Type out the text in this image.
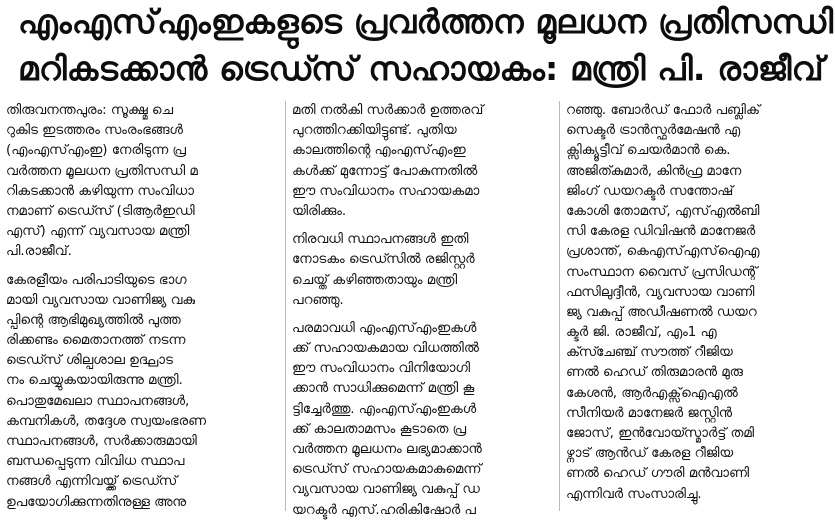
എംഎസ്എംഇകളുടെ പ്രവർത്തന മൂലധന പ്രതിസന്ധി
മറികടക്കാൻ ട്രെഡ്സ് സഹായകം: മന്ത്രി പി. രാജീവ്
തിരുവനന്തപുരം: സൂക്ഷ്മ ചെ
റുകിട ഇടത്തരം സംരംഭങ്ങൾ
(എംഎസ്എംഇ) നേരിടുന്ന പ്ര
വർത്തന മൂലധന പ്രതിസന്ധി മ
റികടക്കാൻ കഴിയുന്ന സംവിധാ
നമാണ് ട്രെഡ്സ് (ടിആർഇഡി
എസ്) എന്ന് വ്യവസായ മന്ത്രി
പി.രാജീവ്.
കേരളീയം പരിപാടിയുടെ ഭാഗ
മായി വ്യവസായ വാണിജ്യ വകു
പ്പിന്റെ ആഭിമുഖ്യത്തിൽ പുത്ത
രിക്കണ്ടം മൈതാനത്ത് നടന്ന
ട്രെഡ്സ് ശില്പശാല ഉദ്ഘാട
നം ചെയ്യുകയായിരുന്നു മന്ത്രി.
പൊതുമേഖലാ സ്ഥാപനങ്ങൾ,
കമ്പനികൾ, തദ്ദേശ സ്വയംഭരണ
സ്ഥാപനങ്ങൾ, സർക്കാരുമായി
ബന്ധപ്പെടുന്ന വിവിധ സ്ഥാപ
നങ്ങൾ എന്നിവയ്ക്ക് ട്രെഡ്സ്
ഉപയോഗിക്കുന്നതിനുള്ള അനു
മതി നൽകി സർക്കാർ ഉത്തരവ്
പുറത്തിറക്കിയിട്ടുണ്ട്. പുതിയ
കാലത്തിന്റെ എംഎസ്എംഇ
കൾക്ക് മുന്നോട്ട് പോകുന്നതിൽ
ഈ സംവിധാനം സഹായകമാ
യിരിക്കും.
നിരവധി സ്ഥാപനങ്ങൾ ഇതി
നോടകം ട്രെഡ്സിൽ രജിസ്റ്റർ
ചെയ്ത് കഴിഞ്ഞതായും മന്ത്രി
പറഞ്ഞു.
പരമാവധി എംഎസ്എംഇകൾ
ക്ക് സഹായകമായ വിധത്തിൽ
ഈ സംവിധാനം വിനിയോഗി
ക്കാൻ സാധിക്കുമെന്ന് മന്ത്രി കൂ
ട്ടിച്ചേർത്തു. എംഎസ്എംഇകൾ
ക്ക് കാലതാമസം കൂടാതെ പ്ര
വർത്തന മൂലധനം ലഭ്യമാക്കാൻ
ട്രെഡ്സ് സഹായകമാകുമെന്ന്
വ്യവസായ വാണിജ്യ വകുപ്പ് ഡ
യറക്ടർ എസ്.ഹരികിഷോർ പ
റഞ്ഞു. ബോർഡ് ഫോർ പബ്ലിക്
സെക്ടർ ട്രാൻസ്ഫർമേഷൻ എ
ക്സിക്യൂട്ടീവ് ചെയർമാൻ കെ.
അജിത്കുമാർ, കിൻഫ്ര മാനേ
ജിംഗ് ഡയറക്ടർ സന്തോഷ്
കോശി തോമസ്, എസ്എൽബി
സി കേരള ഡിവിഷൻ മാനേജർ
പ്രശാന്ത്, കെഎസ്എസ്ഐഎ
സംസ്ഥാന വൈസ് പ്രസിഡന്റ്
ഫസിലുദ്ദീൻ, വ്യവസായ വാണി
ജ്യ വകുപ്പ് അഡീഷണൽ ഡയറ
ക്ടർ ജി. രാജീവ്, എം1 എ
ക്സ്ചേഞ്ച് സൗത്ത് റീജിയ
ണൽ ഹെഡ് തിരുമാരൻ മുരു
കേശൻ, ആർഎക്സ്ഐഎൽ
സീനിയർ മാനേജർ ജസ്റ്റിൻ
ജോസ്, ഇൻവോയ്സ്മാർട്ട് തമി
ഴ്നാട് ആൻഡ് കേരള റീജിയ
ണൽ ഹെഡ് ഗൗരി മൻവാണി
എന്നിവർ സംസാരിച്ചു.
